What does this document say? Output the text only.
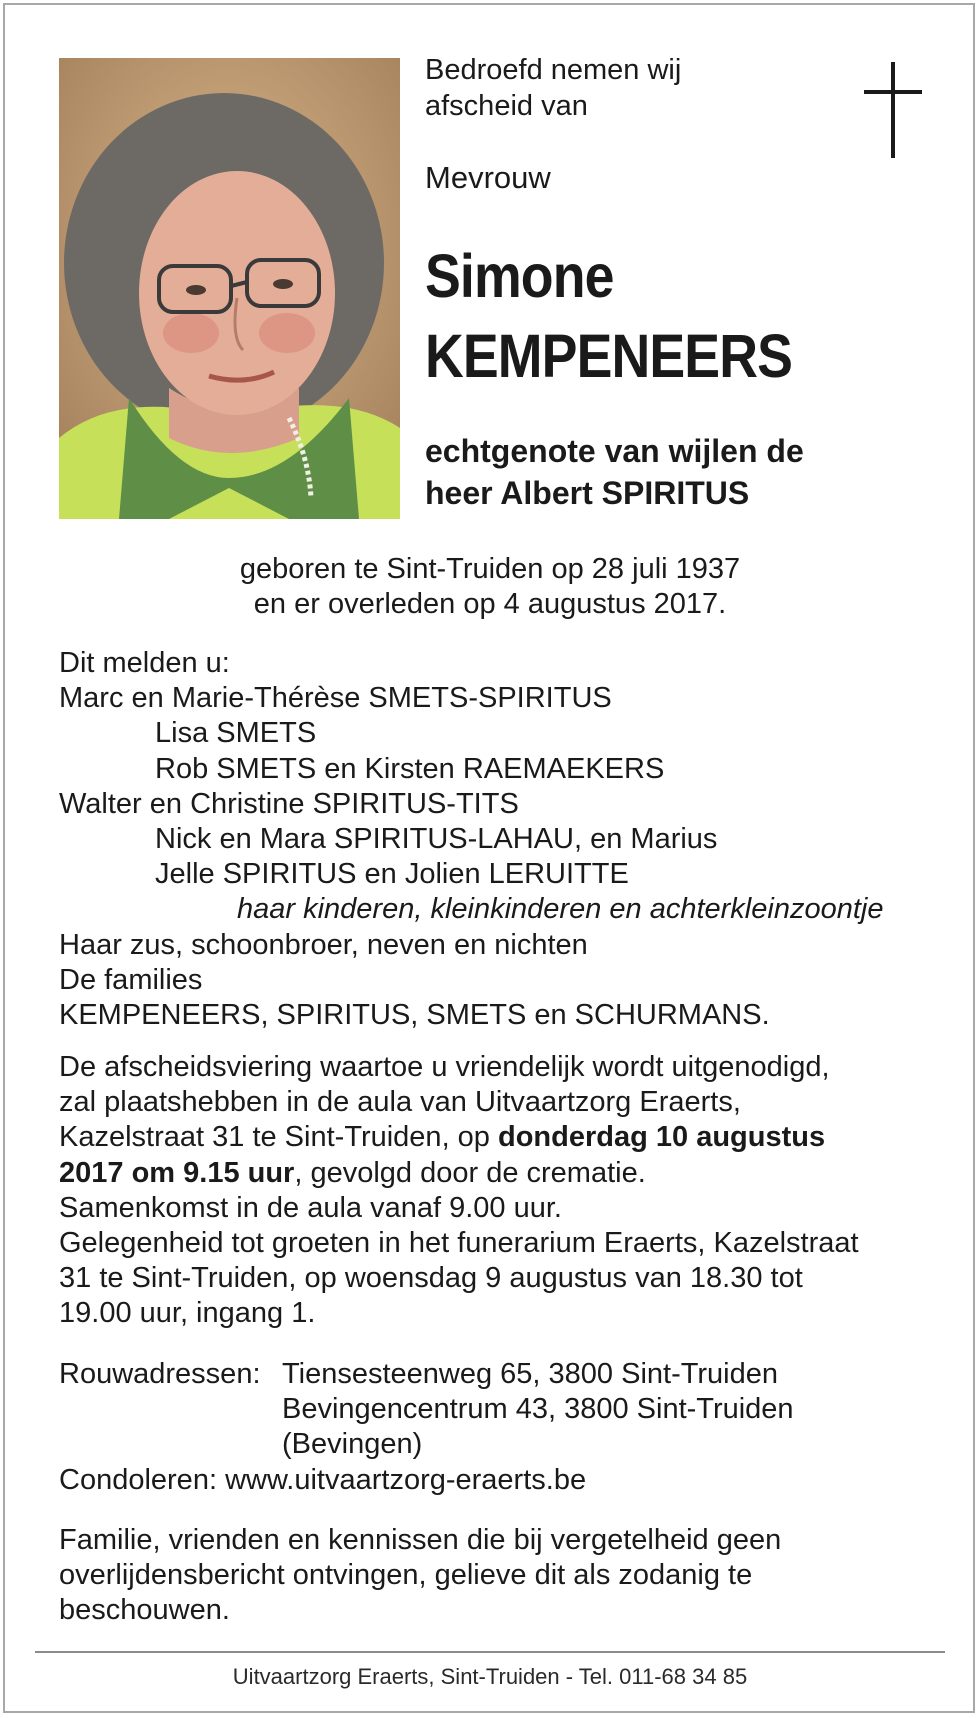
Bedroefd nemen wij
afscheid van
Mevrouw
Simone
KEMPENEERS
echtgenote van wijlen de
heer Albert SPIRITUS
geboren te Sint-Truiden op 28 juli 1937
en er overleden op 4 augustus 2017.
Dit melden u:
Marc en Marie-Thérèse SMETS-SPIRITUS
Lisa SMETS
Rob SMETS en Kirsten RAEMAEKERS
Walter en Christine SPIRITUS-TITS
Nick en Mara SPIRITUS-LAHAU, en Marius
Jelle SPIRITUS en Jolien LERUITTE
haar kinderen, kleinkinderen en achterkleinzoontje
Haar zus, schoonbroer, neven en nichten
De families
KEMPENEERS, SPIRITUS, SMETS en SCHURMANS.
De afscheidsviering waartoe u vriendelijk wordt uitgenodigd,
zal plaatshebben in de aula van Uitvaartzorg Eraerts,
Kazelstraat 31 te Sint-Truiden, op donderdag 10 augustus
2017 om 9.15 uur, gevolgd door de crematie.
Samenkomst in de aula vanaf 9.00 uur.
Gelegenheid tot groeten in het funerarium Eraerts, Kazelstraat
31 te Sint-Truiden, op woensdag 9 augustus van 18.30 tot
19.00 uur, ingang 1.
Rouwadressen: Tiensesteenweg 65, 3800 Sint-Truiden
Bevingencentrum 43, 3800 Sint-Truiden
(Bevingen)
Condoleren: www.uitvaartzorg-eraerts.be
Familie, vrienden en kennissen die bij vergetelheid geen
overlijdensbericht ontvingen, gelieve dit als zodanig te
beschouwen.
Uitvaartzorg Eraerts, Sint-Truiden - Tel. 011-68 34 85
